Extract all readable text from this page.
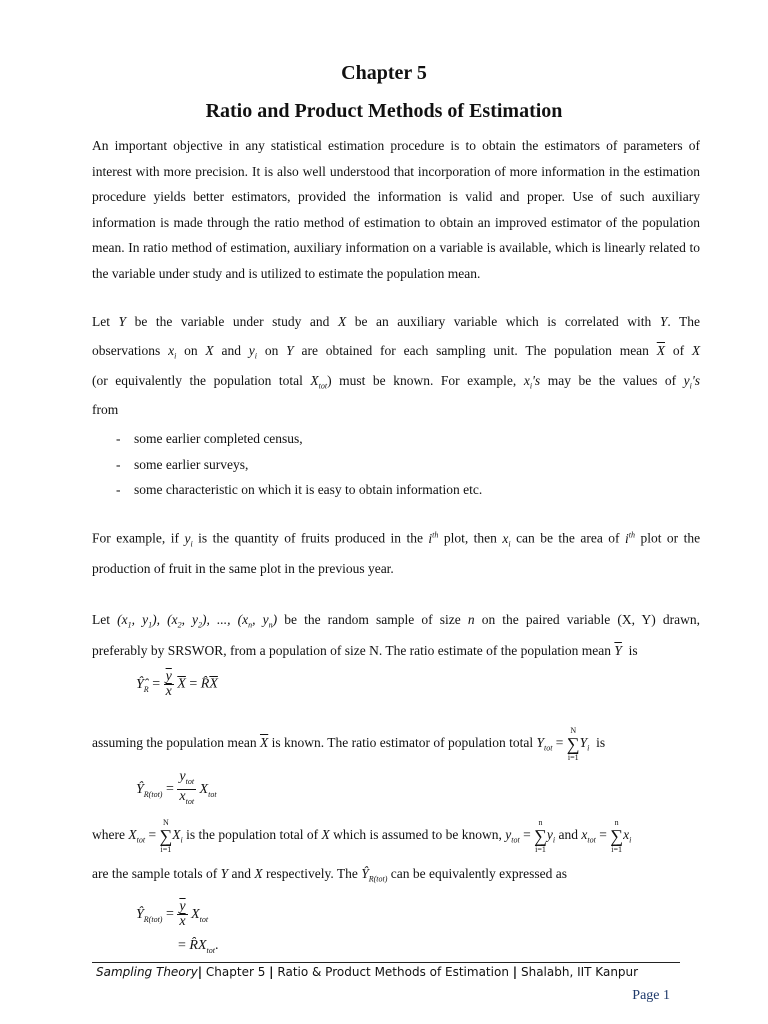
Chapter 5
Ratio and Product Methods of Estimation
An important objective in any statistical estimation procedure is to obtain the estimators of parameters of interest with more precision. It is also well understood that incorporation of more information in the estimation procedure yields better estimators, provided the information is valid and proper. Use of such auxiliary information is made through the ratio method of estimation to obtain an improved estimator of the population mean. In ratio method of estimation, auxiliary information on a variable is available, which is linearly related to the variable under study and is utilized to estimate the population mean.
Let Y be the variable under study and X be an auxiliary variable which is correlated with Y. The
observations $x_i$ on X and $y_i$ on Y are obtained for each sampling unit. The population mean $\overline{X}$ of X
(or equivalently the population total $X_{tot}$) must be known. For example, $x_i's$ may be the values of $y_i's$
from
- some earlier completed census,
- some earlier surveys,
- some characteristic on which it is easy to obtain information etc.
For example, if $y_i$ is the quantity of fruits produced in the $i^{th}$ plot, then $x_i$ can be the area of $i^{th}$ plot or the
production of fruit in the same plot in the previous year.
Let ($x_1$, $y_1$), ($x_2$, $y_2$), ..., ($x_n$, $y_n$) be the random sample of size n on the paired variable (X, Y) drawn,
preferably by SRSWOR, from a population of size N. The ratio estimate of the population mean $\overline{Y}$ is
$Ŷ̂_R = \frac{\overline{y}}{x} \overline{X}$ = $R̂\overline{X}$
assuming the population mean $\overline{X}$ is known. The ratio estimator of population total $Y_{tot} = N$
∑
$i=1Y_i$ is
$Ŷ_{R(tot)} = \frac{y_{tot}}{x_{tot}} X_{tot}$
where $X_{tot} = N$
∑
$i=1X_i$ is the population total of X which is assumed to be known, $y_{tot} = n$
∑
$i=1y_i$ and $x_{tot} = n$
∑
$i=1x_i$
are the sample totals of Y and X respectively. The $Ŷ_{R(tot)}$ can be equivalently expressed as
$Ŷ_{R(tot)} = \frac{\overline{y}}{x} X_{tot}$
= $R̂X_{tot}$.
Sampling Theory| Chapter 5 | Ratio & Product Methods of Estimation | Shalabh, IIT Kanpur
Page 1
